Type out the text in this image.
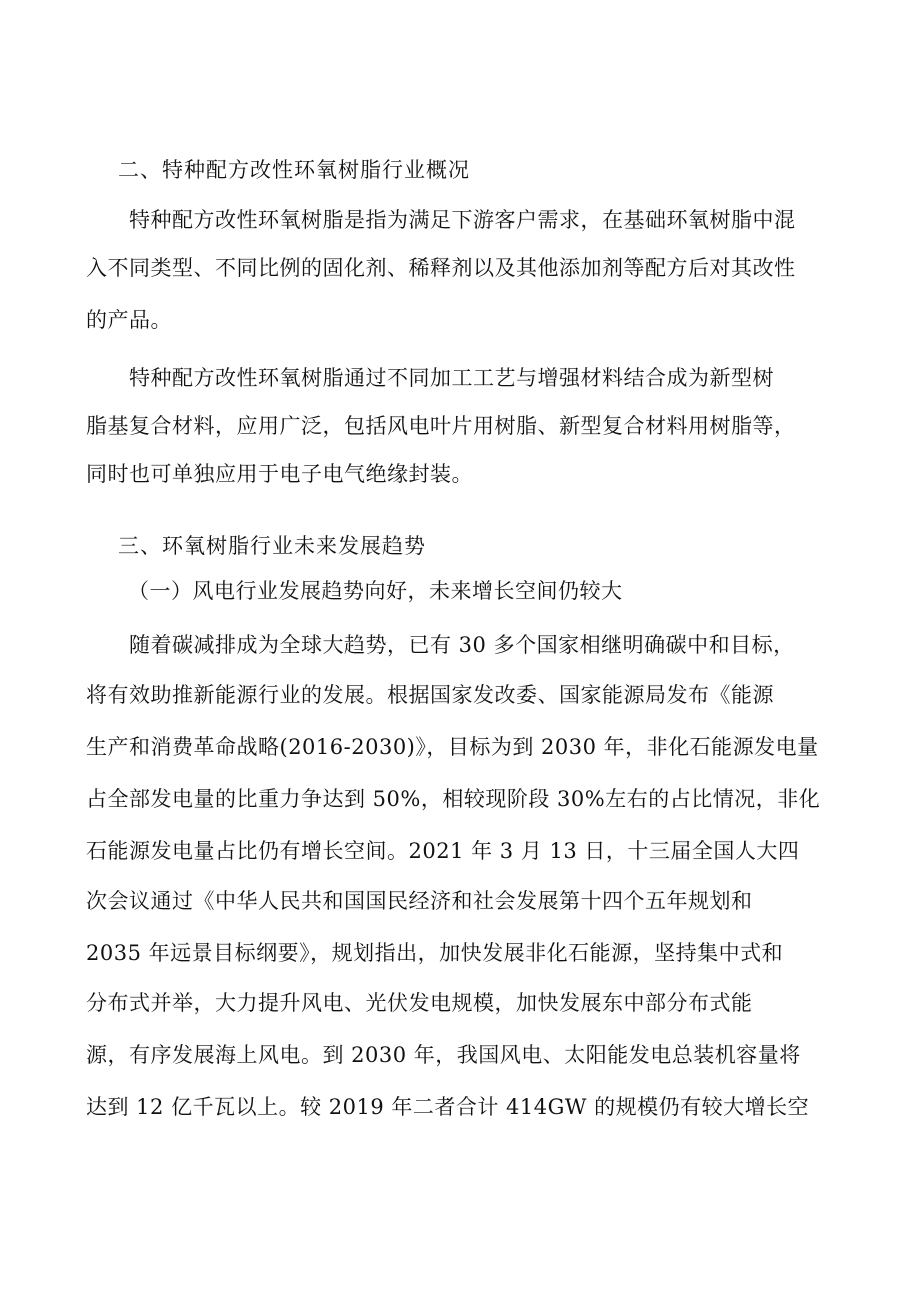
二、特种配方改性环氧树脂行业概况
特种配方改性环氧树脂是指为满足下游客户需求，在基础环氧树脂中混
入不同类型、不同比例的固化剂、稀释剂以及其他添加剂等配方后对其改性
的产品。
特种配方改性环氧树脂通过不同加工工艺与增强材料结合成为新型树
脂基复合材料，应用广泛，包括风电叶片用树脂、新型复合材料用树脂等，
同时也可单独应用于电子电气绝缘封装。
三、环氧树脂行业未来发展趋势
（一）风电行业发展趋势向好，未来增长空间仍较大
随着碳减排成为全球大趋势，已有 30 多个国家相继明确碳中和目标，
将有效助推新能源行业的发展。根据国家发改委、国家能源局发布《能源
生产和消费革命战略(2016-2030)》，目标为到 2030 年，非化石能源发电量
占全部发电量的比重力争达到 50%，相较现阶段 30%左右的占比情况，非化
石能源发电量占比仍有增长空间。2021 年 3 月 13 日，十三届全国人大四
次会议通过《中华人民共和国国民经济和社会发展第十四个五年规划和
2035 年远景目标纲要》，规划指出，加快发展非化石能源，坚持集中式和
分布式并举，大力提升风电、光伏发电规模，加快发展东中部分布式能
源，有序发展海上风电。到 2030 年，我国风电、太阳能发电总装机容量将
达到 12 亿千瓦以上。较 2019 年二者合计 414GW 的规模仍有较大增长空
